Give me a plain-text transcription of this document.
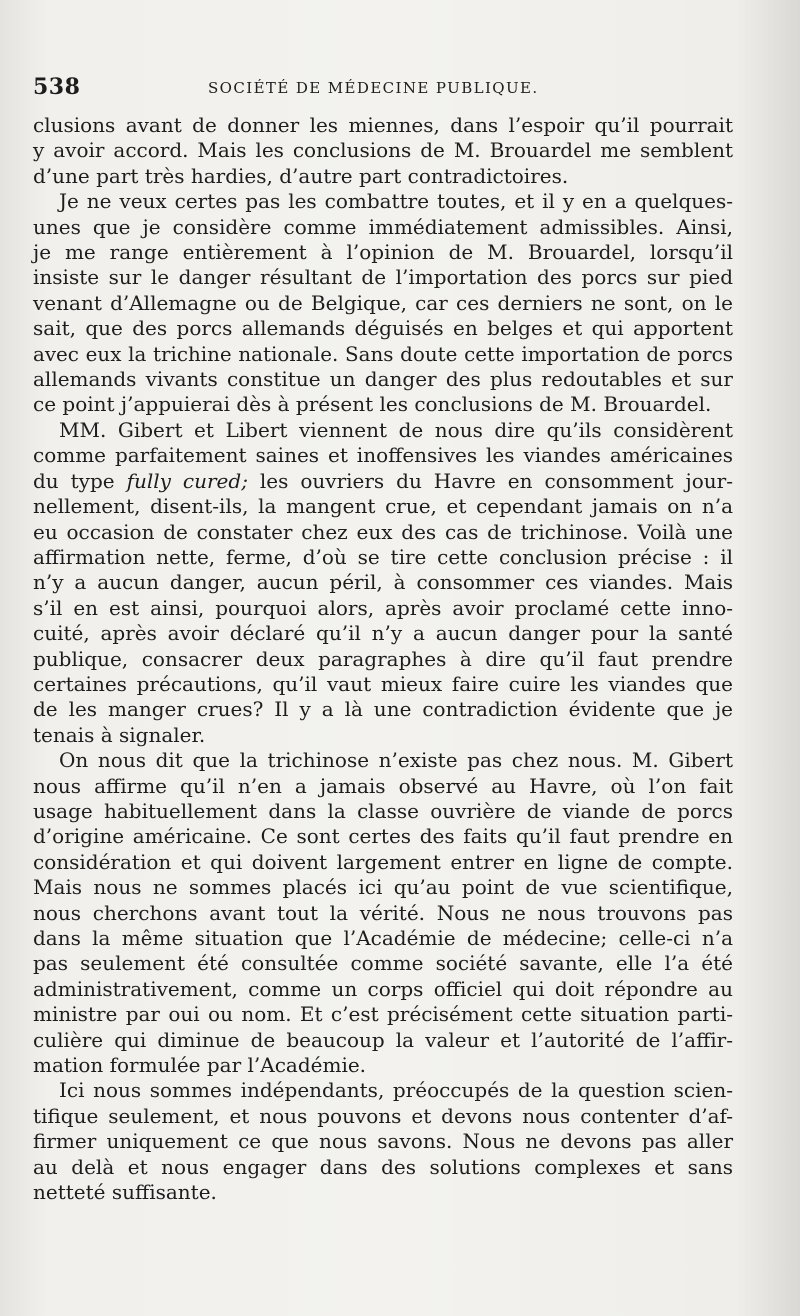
538	SOCIÉTÉ DE MÉDECINE PUBLIQUE.
clusions avant de donner les miennes, dans l’espoir qu’il pourrait
y avoir accord. Mais les conclusions de M. Brouardel me semblent
d’une part très hardies, d’autre part contradictoires.
Je ne veux certes pas les combattre toutes, et il y en a quelques-
unes que je considère comme immédiatement admissibles. Ainsi,
je me range entièrement à l’opinion de M. Brouardel, lorsqu’il
insiste sur le danger résultant de l’importation des porcs sur pied
venant d’Allemagne ou de Belgique, car ces derniers ne sont, on le
sait, que des porcs allemands déguisés en belges et qui apportent
avec eux la trichine nationale. Sans doute cette importation de porcs
allemands vivants constitue un danger des plus redoutables et sur
ce point j’appuierai dès à présent les conclusions de M. Brouardel.
MM. Gibert et Libert viennent de nous dire qu’ils considèrent
comme parfaitement saines et inoffensives les viandes américaines
du type fully cured; les ouvriers du Havre en consomment jour-
nellement, disent-ils, la mangent crue, et cependant jamais on n’a
eu occasion de constater chez eux des cas de trichinose. Voilà une
affirmation nette, ferme, d’où se tire cette conclusion précise : il
n’y a aucun danger, aucun péril, à consommer ces viandes. Mais
s’il en est ainsi, pourquoi alors, après avoir proclamé cette inno-
cuité, après avoir déclaré qu’il n’y a aucun danger pour la santé
publique, consacrer deux paragraphes à dire qu’il faut prendre
certaines précautions, qu’il vaut mieux faire cuire les viandes que
de les manger crues? Il y a là une contradiction évidente que je
tenais à signaler.
On nous dit que la trichinose n’existe pas chez nous. M. Gibert
nous affirme qu’il n’en a jamais observé au Havre, où l’on fait
usage habituellement dans la classe ouvrière de viande de porcs
d’origine américaine. Ce sont certes des faits qu’il faut prendre en
considération et qui doivent largement entrer en ligne de compte.
Mais nous ne sommes placés ici qu’au point de vue scientifique,
nous cherchons avant tout la vérité. Nous ne nous trouvons pas
dans la même situation que l’Académie de médecine; celle-ci n’a
pas seulement été consultée comme société savante, elle l’a été
administrativement, comme un corps officiel qui doit répondre au
ministre par oui ou nom. Et c’est précisément cette situation parti-
culière qui diminue de beaucoup la valeur et l’autorité de l’affir-
mation formulée par l’Académie.
Ici nous sommes indépendants, préoccupés de la question scien-
tifique seulement, et nous pouvons et devons nous contenter d’af-
firmer uniquement ce que nous savons. Nous ne devons pas aller
au delà et nous engager dans des solutions complexes et sans
netteté suffisante.
